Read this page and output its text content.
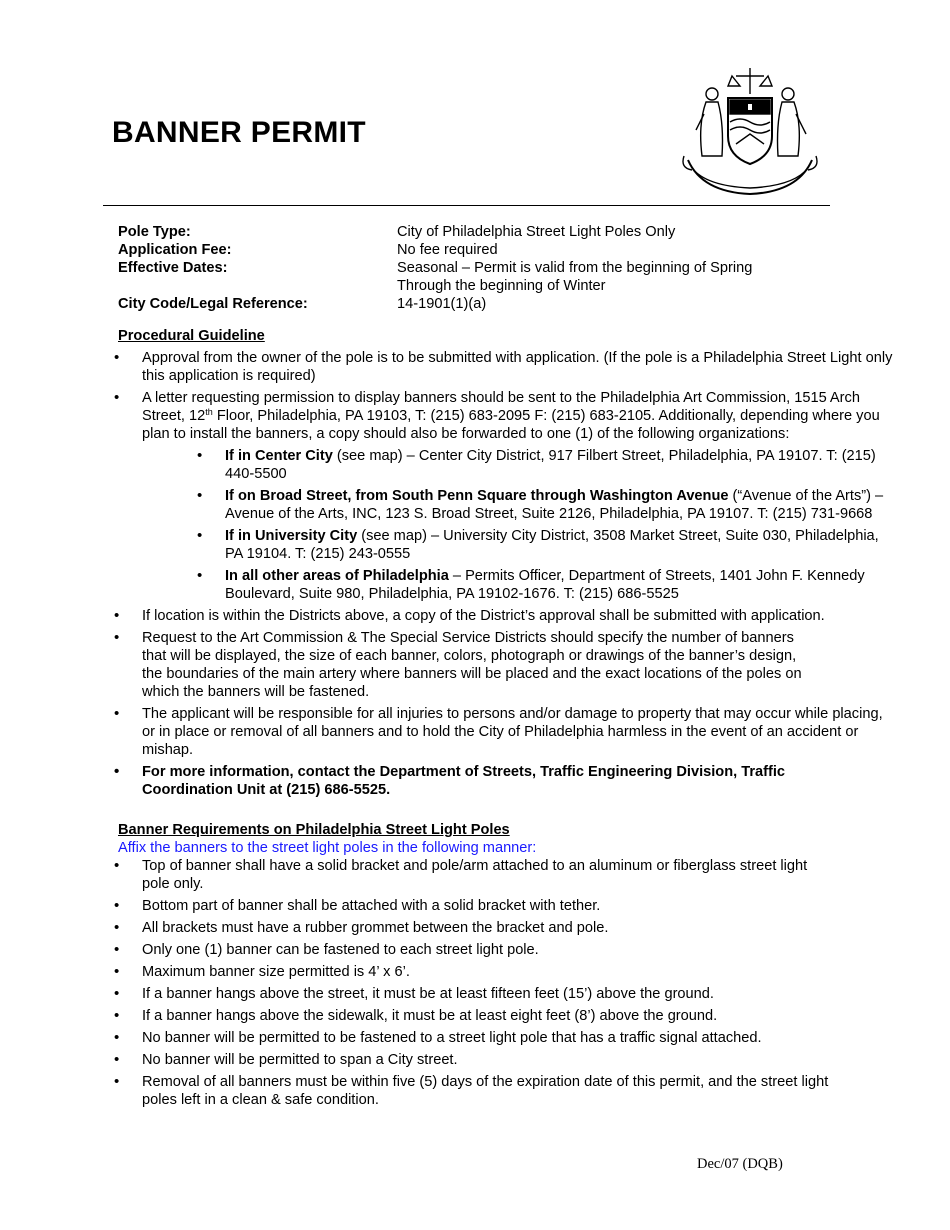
BANNER PERMIT
Pole Type:	City of Philadelphia Street Light Poles Only
Application Fee:	No fee required
Effective Dates:	Seasonal – Permit is valid from the beginning of Spring
Through the beginning of Winter
City Code/Legal Reference:	14-1901(1)(a)
Procedural Guideline
• Approval from the owner of the pole is to be submitted with application. (If the pole is a Philadelphia Street Light only this application is required)
• A letter requesting permission to display banners should be sent to the Philadelphia Art Commission, 1515 Arch Street, 12th Floor, Philadelphia, PA 19103, T: (215) 683-2095 F: (215) 683-2105. Additionally, depending where you plan to install the banners, a copy should also be forwarded to one (1) of the following organizations:
• If in Center City (see map) – Center City District, 917 Filbert Street, Philadelphia, PA 19107. T: (215) 440-5500
• If on Broad Street, from South Penn Square through Washington Avenue (“Avenue of the Arts”) – Avenue of the Arts, INC, 123 S. Broad Street, Suite 2126, Philadelphia, PA 19107. T: (215) 731-9668
• If in University City (see map) – University City District, 3508 Market Street, Suite 030, Philadelphia, PA 19104. T: (215) 243-0555
• In all other areas of Philadelphia – Permits Officer, Department of Streets, 1401 John F. Kennedy Boulevard, Suite 980, Philadelphia, PA 19102-1676. T: (215) 686-5525
• If location is within the Districts above, a copy of the District’s approval shall be submitted with application.
• Request to the Art Commission & The Special Service Districts should specify the number of banners that will be displayed, the size of each banner, colors, photograph or drawings of the banner’s design, the boundaries of the main artery where banners will be placed and the exact locations of the poles on which the banners will be fastened.
• The applicant will be responsible for all injuries to persons and/or damage to property that may occur while placing, or in place or removal of all banners and to hold the City of Philadelphia harmless in the event of an accident or mishap.
• For more information, contact the Department of Streets, Traffic Engineering Division, Traffic Coordination Unit at (215) 686-5525.
Banner Requirements on Philadelphia Street Light Poles
Affix the banners to the street light poles in the following manner:
• Top of banner shall have a solid bracket and pole/arm attached to an aluminum or fiberglass street light pole only.
• Bottom part of banner shall be attached with a solid bracket with tether.
• All brackets must have a rubber grommet between the bracket and pole.
• Only one (1) banner can be fastened to each street light pole.
• Maximum banner size permitted is 4’ x 6’.
• If a banner hangs above the street, it must be at least fifteen feet (15’) above the ground.
• If a banner hangs above the sidewalk, it must be at least eight feet (8’) above the ground.
• No banner will be permitted to be fastened to a street light pole that has a traffic signal attached.
• No banner will be permitted to span a City street.
• Removal of all banners must be within five (5) days of the expiration date of this permit, and the street light poles left in a clean & safe condition.
Dec/07 (DQB)
